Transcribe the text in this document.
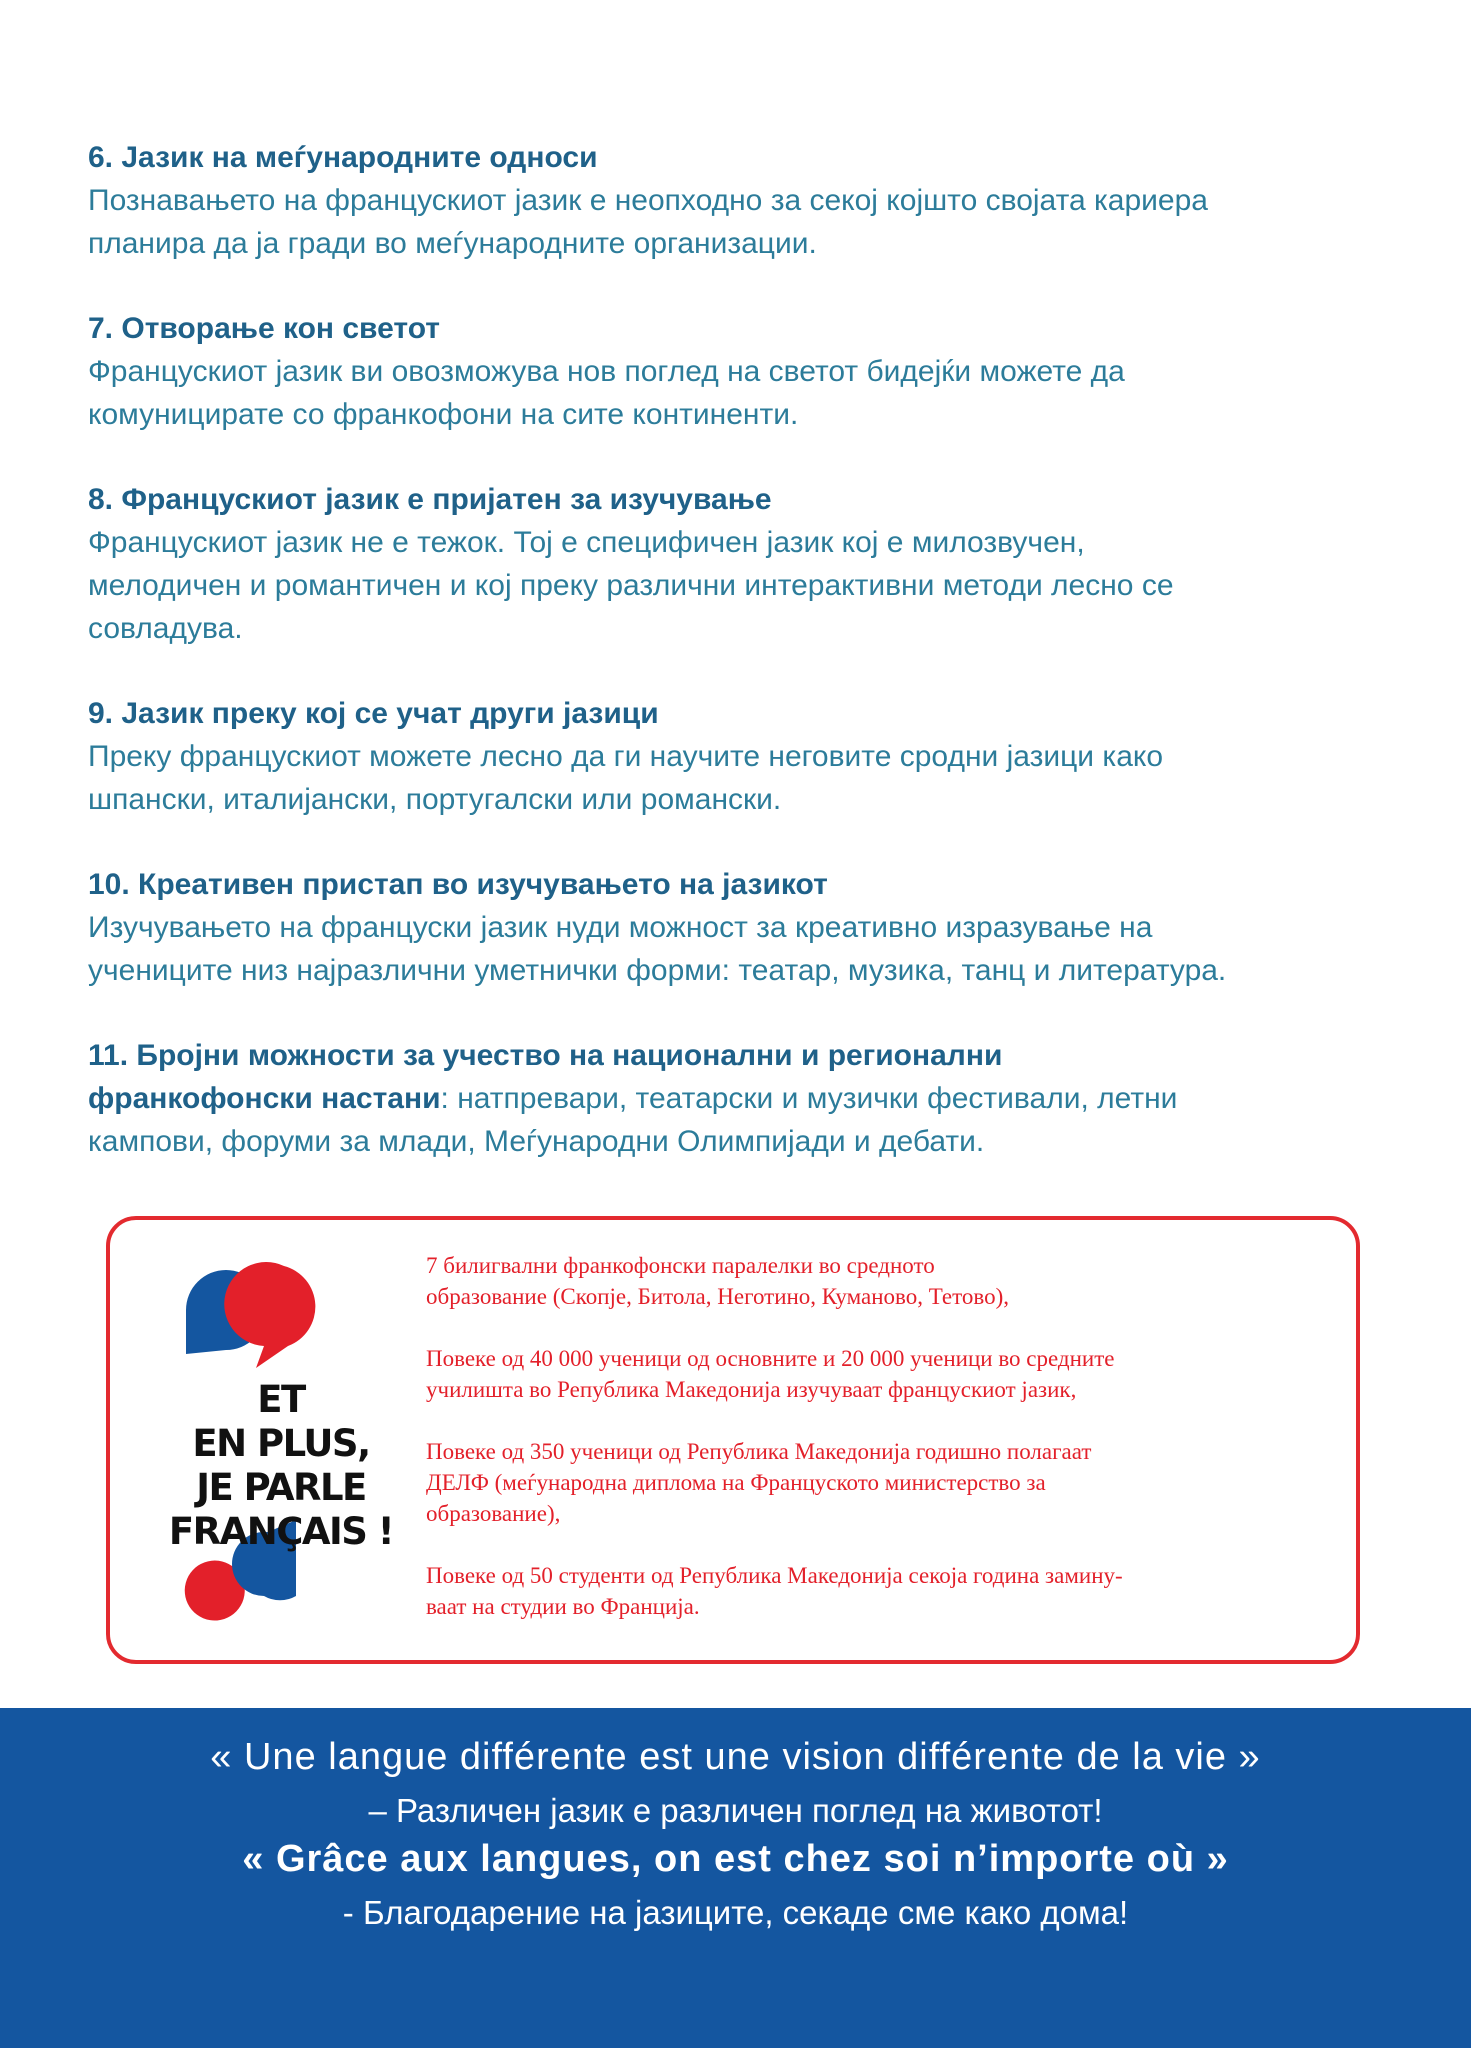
6. Јазик на меѓународните односи
Познавањето на францускиот јазик е неопходно за секој којшто својата кариера
планира да ја гради во меѓународните организации.
7. Отворање кон светот
Францускиот јазик ви овозможува нов поглед на светот бидејќи можете да
комуницирате со франкофони на сите континенти.
8. Францускиот јазик е пријатен за изучување
Францускиот јазик не е тежок. Тој е специфичен јазик кој е милозвучен,
мелодичен и романтичен и кој преку различни интерактивни методи лесно се
совладува.
9. Јазик преку кој се учат други јазици
Преку францускиот можете лесно да ги научите неговите сродни јазици како
шпански, италијански, португалски или романски.
10. Креативен пристап во изучувањето на јазикот
Изучувањето на француски јазик нуди можност за креативно изразување на
учениците низ најразлични уметнички форми: театар, музика, танц и литература.
11. Бројни можности за учество на национални и регионални
франкофонски настани: натпревари, театарски и музички фестивали, летни
кампови, форуми за млади, Меѓународни Олимпијади и дебати.
ET
EN PLUS,
JE PARLE
FRANÇAIS !
7 билигвални франкофонски паралелки во средното
образование (Скопје, Битола, Неготино, Куманово, Тетово),
Повеке од 40 000 ученици од основните и 20 000 ученици во средните
училишта во Република Македонија изучуваат францускиот јазик,
Повеке од 350 ученици од Република Македонија годишно полагаат
ДЕЛФ (меѓународна диплома на Француското министерство за
образование),
Повеке од 50 студенти од Република Македонија секоја година замину-
ваат на студии во Франција.
« Une langue différente est une vision différente de la vie »
– Различен јазик е различен поглед на животот!
« Grâce aux langues, on est chez soi n’importe où »
- Благодарение на јазиците, секаде сме како дома!
